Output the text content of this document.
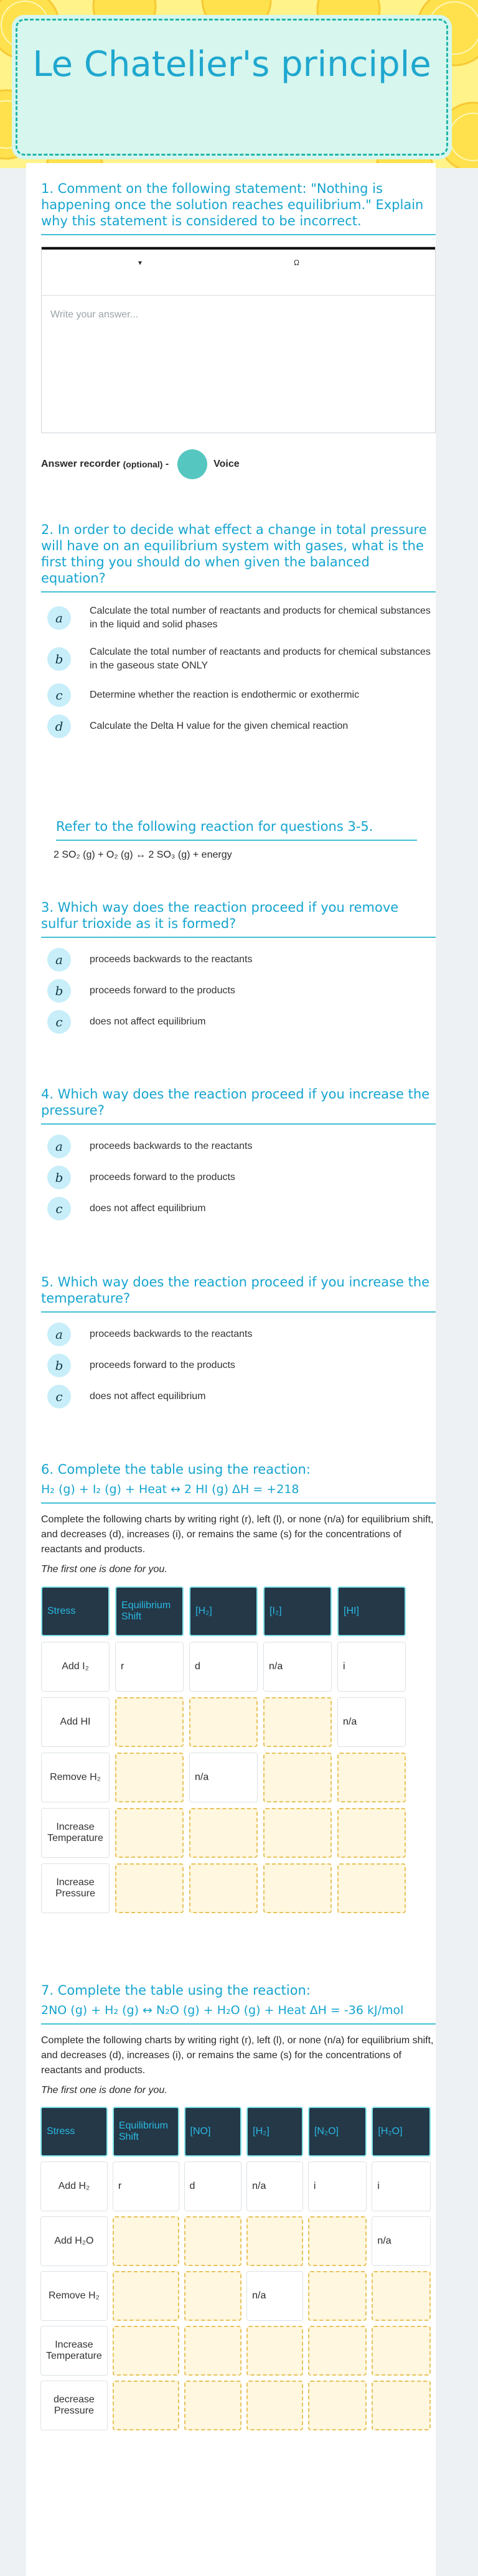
Le Chatelier's principle
1. Comment on the following statement: "Nothing is happening once the solution reaches equilibrium." Explain why this statement is considered to be incorrect.
▾	Ω
Write your answer...
Answer recorder
(optional)
-	Voice
2. In order to decide what effect a change in total pressure will have on an equilibrium system with gases, what is the first thing you should do when given the balanced equation?
a	Calculate the total number of reactants and products for chemical substances in the liquid and solid phases
b	Calculate the total number of reactants and products for chemical substances in the gaseous state ONLY
c	Determine whether the reaction is endothermic or exothermic
d	Calculate the Delta H value for the given chemical reaction
Refer to the following reaction for questions 3-5.
2 SO₂ (g) + O₂ (g) ↔ 2 SO₃ (g) + energy
3. Which way does the reaction proceed if you remove sulfur trioxide as it is formed?
a	proceeds backwards to the reactants
b	proceeds forward to the products
c	does not affect equilibrium
4. Which way does the reaction proceed if you increase the pressure?
a	proceeds backwards to the reactants
b	proceeds forward to the products
c	does not affect equilibrium
5. Which way does the reaction proceed if you increase the temperature?
a	proceeds backwards to the reactants
b	proceeds forward to the products
c	does not affect equilibrium
6. Complete the table using the reaction:
H₂ (g) + I₂ (g) + Heat ↔ 2 HI (g) ΔH = +218
Complete the following charts by writing right (r), left (l), or none (n/a) for equilibrium shift, and decreases (d), increases (i), or remains the same (s) for the concentrations of reactants and products.
The first one is done for you.
Stress	Equilibrium Shift	[H₂]	[I₂]	[HI]
Add I₂	r	d	n/a	i
Add HI				n/a
Remove H₂		n/a		
Increase Temperature				
Increase Pressure				
7. Complete the table using the reaction:
2NO (g) + H₂ (g) ↔ N₂O (g) + H₂O (g) + Heat ΔH = -36 kJ/mol
Complete the following charts by writing right (r), left (l), or none (n/a) for equilibrium shift, and decreases (d), increases (i), or remains the same (s) for the concentrations of reactants and products.
The first one is done for you.
Stress	Equilibrium Shift	[NO]	[H₂]	[N₂O]	[H₂O]
Add H₂	r	d	n/a	i	i
Add H₂O					n/a
Remove H₂			n/a		
Increase Temperature					
decrease Pressure					
